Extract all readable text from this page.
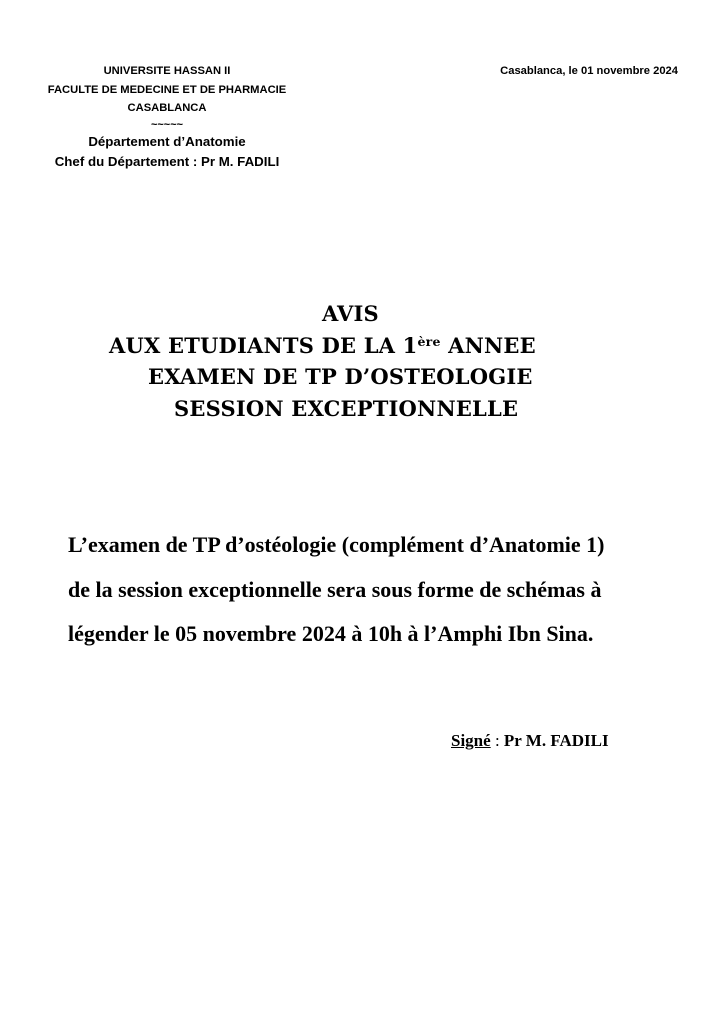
UNIVERSITE HASSAN II
FACULTE DE MEDECINE ET DE PHARMACIE
CASABLANCA
~~~~~
Département d’Anatomie
Chef du Département : Pr M. FADILI
Casablanca, le 01 novembre 2024
AVIS
AUX ETUDIANTS DE LA 1ère ANNEE
EXAMEN DE TP D’OSTEOLOGIE
SESSION EXCEPTIONNELLE
L’examen de TP d’ostéologie (complément d’Anatomie 1)
de la session exceptionnelle sera sous forme de schémas à
légender le 05 novembre 2024 à 10h à l’Amphi Ibn Sina.
Signé : Pr M. FADILI
